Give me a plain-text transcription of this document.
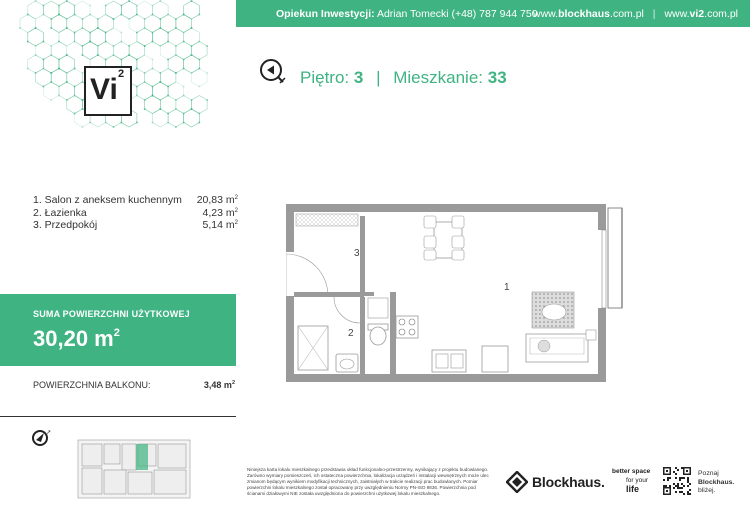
Opiekun Inwestycji: Adrian Tomecki (+48) 787 944 750
www.blockhaus.com.pl | www.vi2.com.pl
Vi 2	Piętro: 3 | Mieszkanie: 33
1. Salon z aneksem kuchennym 20,83 $m^2$
2. Łazienka	4,23 $m^2$
3. Przedpokój	5,14 $m^2$
SUMA POWIERZCHNI UŻYTKOWEJ
30,20 $m^2$
POWIERZCHNIA BALKONU:	3,48 $m^2$
3
1
2
↗
Niniejsza karta lokalu mieszkalnego przedstawia układ funkcjonalno-przestrzenny, wynikający z projektu budowlanego. Zarówno wymiary pomieszczeń, ich ostateczna powierzchnia, lokalizacja urządzeń i instalacji wewnętrznych może ulec zmianom będącym wynikiem modyfikacji technicznych, zaistniałych w trakcie realizacji prac budowlanych. Pomiar powierzchni lokalu mieszkalnego został opracowany przy uwzględnieniu Normy PN-ISO 9836. Powierzchnia pod ścianami działowymi NIE została uwzględniona do powierzchni użytkowej lokalu mieszkalnego.
Blockhaus.
better space
for your
life
Poznaj
Blockhaus.
bliżej.
